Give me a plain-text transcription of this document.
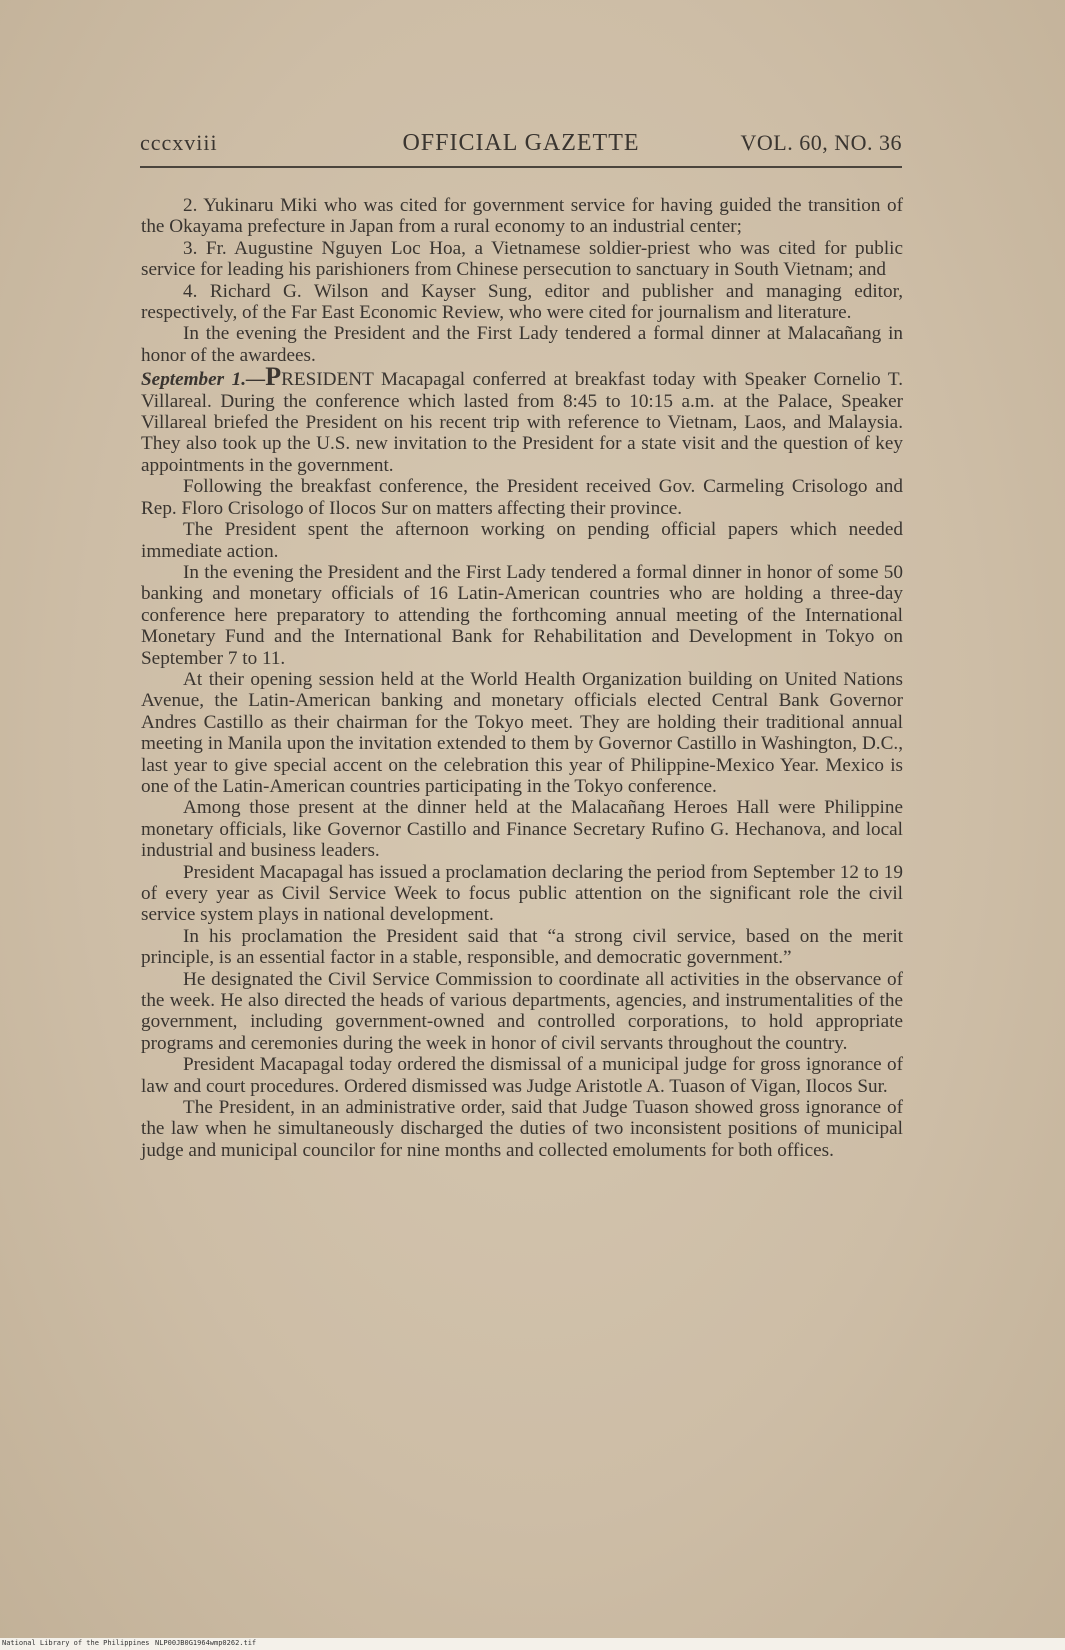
cccxviii	OFFICIAL GAZETTE	VOL. 60, NO. 36

2. Yukinaru Miki who was cited for government service for having guided the transition of the Okayama prefecture in Japan from a rural economy to an industrial center;

3. Fr. Augustine Nguyen Loc Hoa, a Vietnamese soldier-priest who was cited for public service for leading his parishioners from Chinese persecution to sanctuary in South Vietnam; and

4. Richard G. Wilson and Kayser Sung, editor and publisher and managing editor, respectively, of the Far East Economic Review, who were cited for journalism and literature.

In the evening the President and the First Lady tendered a formal dinner at Malacañang in honor of the awardees.

September 1.—PRESIDENT Macapagal conferred at breakfast today with Speaker Cornelio T. Villareal. During the conference which lasted from 8:45 to 10:15 a.m. at the Palace, Speaker Villareal briefed the President on his recent trip with reference to Vietnam, Laos, and Malaysia. They also took up the U.S. new invitation to the President for a state visit and the question of key appointments in the government.

Following the breakfast conference, the President received Gov. Carmeling Crisologo and Rep. Floro Crisologo of Ilocos Sur on matters affecting their province.

The President spent the afternoon working on pending official papers which needed immediate action.

In the evening the President and the First Lady tendered a formal dinner in honor of some 50 banking and monetary officials of 16 Latin-American countries who are holding a three-day conference here preparatory to attending the forthcoming annual meeting of the International Monetary Fund and the International Bank for Rehabilitation and Development in Tokyo on September 7 to 11.

At their opening session held at the World Health Organization building on United Nations Avenue, the Latin-American banking and monetary officials elected Central Bank Governor Andres Castillo as their chairman for the Tokyo meet. They are holding their traditional annual meeting in Manila upon the invitation extended to them by Governor Castillo in Washington, D.C., last year to give special accent on the celebration this year of Philippine-Mexico Year. Mexico is one of the Latin-American countries participating in the Tokyo conference.

Among those present at the dinner held at the Malacañang Heroes Hall were Philippine monetary officials, like Governor Castillo and Finance Secretary Rufino G. Hechanova, and local industrial and business leaders.

President Macapagal has issued a proclamation declaring the period from September 12 to 19 of every year as Civil Service Week to focus public attention on the significant role the civil service system plays in national development.

In his proclamation the President said that “a strong civil service, based on the merit principle, is an essential factor in a stable, responsible, and democratic government.”

He designated the Civil Service Commission to coordinate all activities in the observance of the week. He also directed the heads of various departments, agencies, and instrumentalities of the government, including government-owned and controlled corporations, to hold appropriate programs and ceremonies during the week in honor of civil servants throughout the country.

President Macapagal today ordered the dismissal of a municipal judge for gross ignorance of law and court procedures. Ordered dismissed was Judge Aristotle A. Tuason of Vigan, Ilocos Sur.

The President, in an administrative order, said that Judge Tuason showed gross ignorance of the law when he simultaneously discharged the duties of two inconsistent positions of municipal judge and municipal councilor for nine months and collected emoluments for both offices.

National Library of the Philippines NLP00JB0G1964wmp0262.tif
